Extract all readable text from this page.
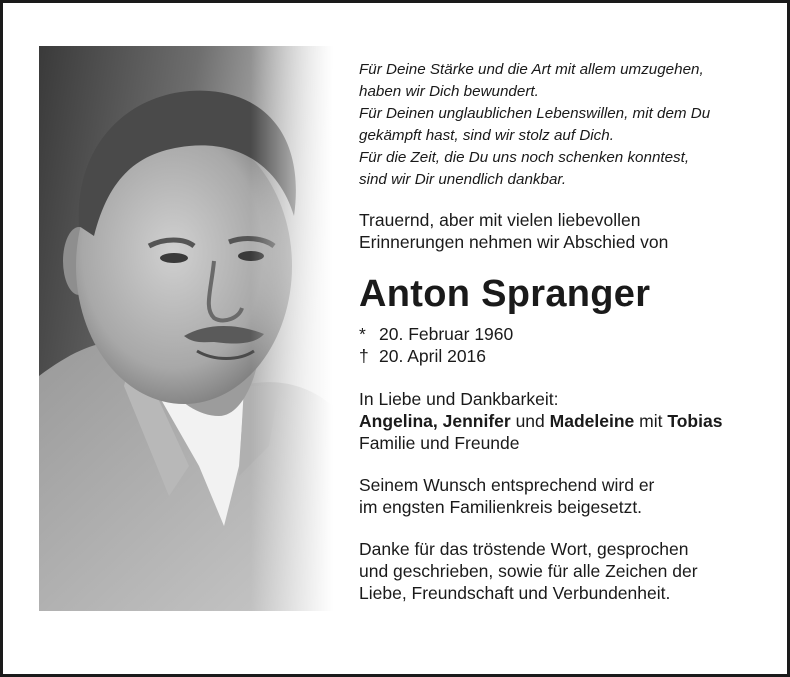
Für Deine Stärke und die Art mit allem umzugehen,
haben wir Dich bewundert.
Für Deinen unglaublichen Lebenswillen, mit dem Du
gekämpft hast, sind wir stolz auf Dich.
Für die Zeit, die Du uns noch schenken konntest,
sind wir Dir unendlich dankbar.
Trauernd, aber mit vielen liebevollen
Erinnerungen nehmen wir Abschied von
Anton Spranger
* 20. Februar 1960
† 20. April 2016
In Liebe und Dankbarkeit:
Angelina, Jennifer und Madeleine mit Tobias
Familie und Freunde
Seinem Wunsch entsprechend wird er
im engsten Familienkreis beigesetzt.
Danke für das tröstende Wort, gesprochen
und geschrieben, sowie für alle Zeichen der
Liebe, Freundschaft und Verbundenheit.
